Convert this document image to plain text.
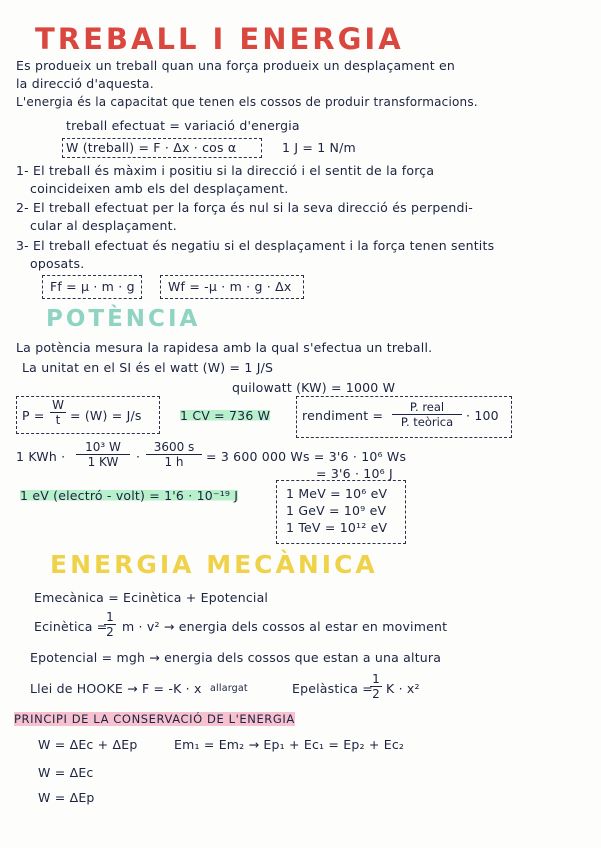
TREBALL I ENERGIA
Es produeix un treball quan una força produeix un desplaçament en
la direcció d'aquesta.
L'energia és la capacitat que tenen els cossos de produir transformacions.
treball efectuat = variació d'energia
W (treball) = F · Δx · cos α	1 J = 1 N/m
1- El treball és màxim i positiu si la direcció i el sentit de la força
coincideixen amb els del desplaçament.
2- El treball efectuat per la força és nul si la seva direcció és perpendi-
cular al desplaçament.
3- El treball efectuat és negatiu si el desplaçament i la força tenen sentits
oposats.
Ff = μ · m · g	Wf = -μ · m · g · Δx
POTÈNCIA
La potència mesura la rapidesa amb la qual s'efectua un treball.
La unitat en el SI és el watt (W) = 1 J/S
quilowatt (KW) = 1000 W
$P = \frac{W}{t} = (W) = J/s$	1 CV = 736 W	rendiment =
P. real
P. teòrica	· 100
1 KWh · $\frac{\text{10³ W}}{1 KW} \cdot \frac{3600 s}{1 h} = 3$ 600 000 Ws = 3'6 · 10⁶ Ws
= 3'6 · 10⁶ J
1 eV (electró - volt) = 1'6 · 10⁻¹⁹ J	1 MeV = 10⁶ eV
1 GeV = 10⁹ eV
1 TeV = 10¹² eV
ENERGIA MECÀNICA
Emecànica = Ecinètica + Epotencial
Ecinètica =
$\frac{1}{2}$ m · v² → energia dels cossos al estar en moviment
Epotencial = mgh → energia dels cossos que estan a una altura
Llei de HOOKE → F = -K · x allargat	Epelàstica =
$\frac{1}{2}$ K · x²
PRINCIPI DE LA CONSERVACIÓ DE L'ENERGIA
W = ΔEc + ΔEp	Em₁ = Em₂ → Ep₁ + Ec₁ = Ep₂ + Ec₂
W = ΔEc
W = ΔEp
